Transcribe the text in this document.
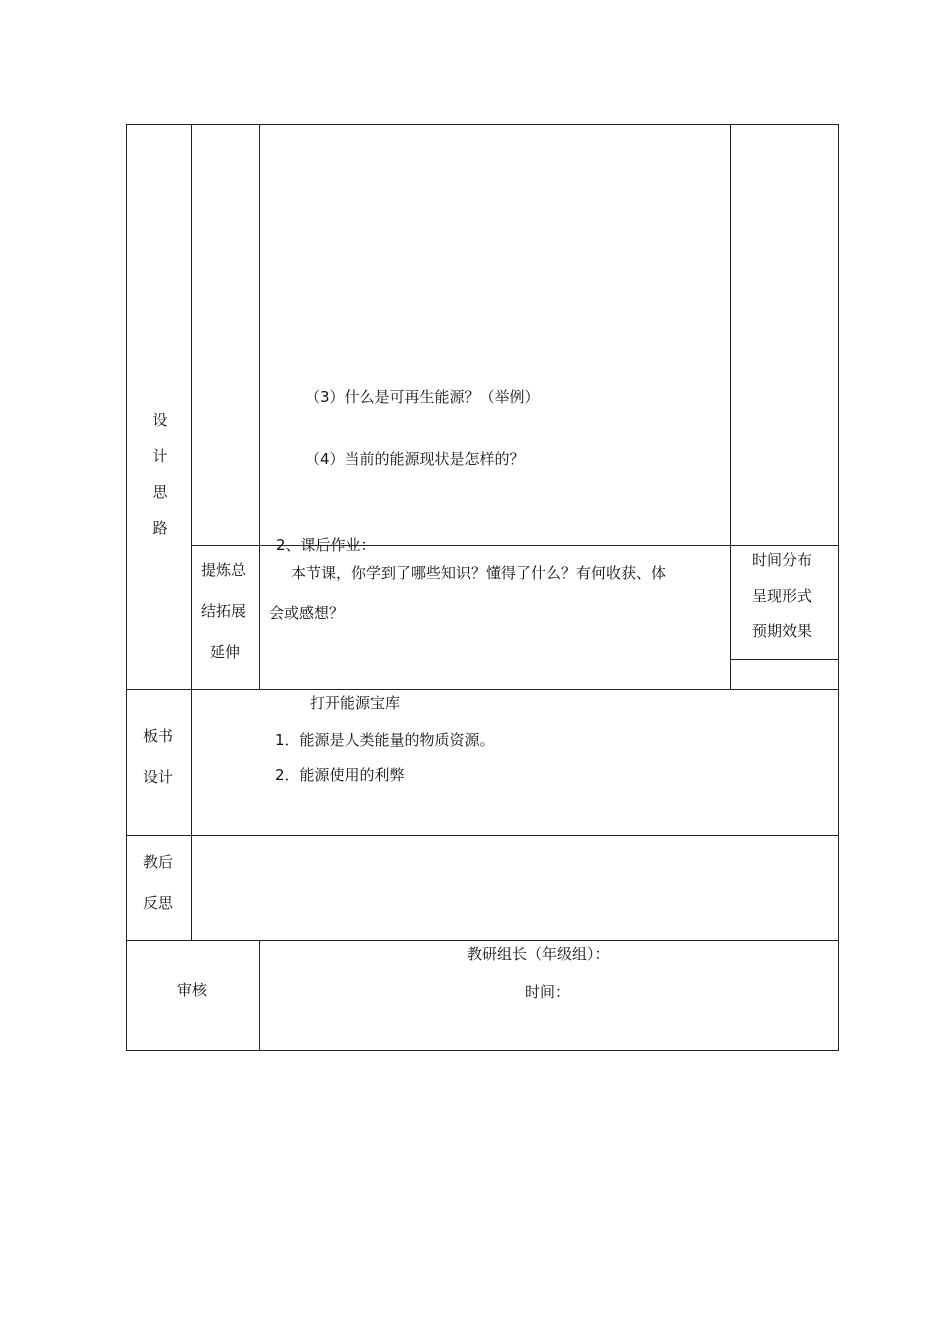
设计思路
（3）什么是可再生能源？（举例）
（4）当前的能源现状是怎样的？
2、课后作业：
提炼总
结拓展
延伸
本节课，你学到了哪些知识？懂得了什么？有何收获、体
会或感想？
时间分布
呈现形式
预期效果
板书
设计
打开能源宝库
1．能源是人类能量的物质资源。
2．能源使用的利弊
教后
反思
审核
教研组长（年级组）：
时间：
